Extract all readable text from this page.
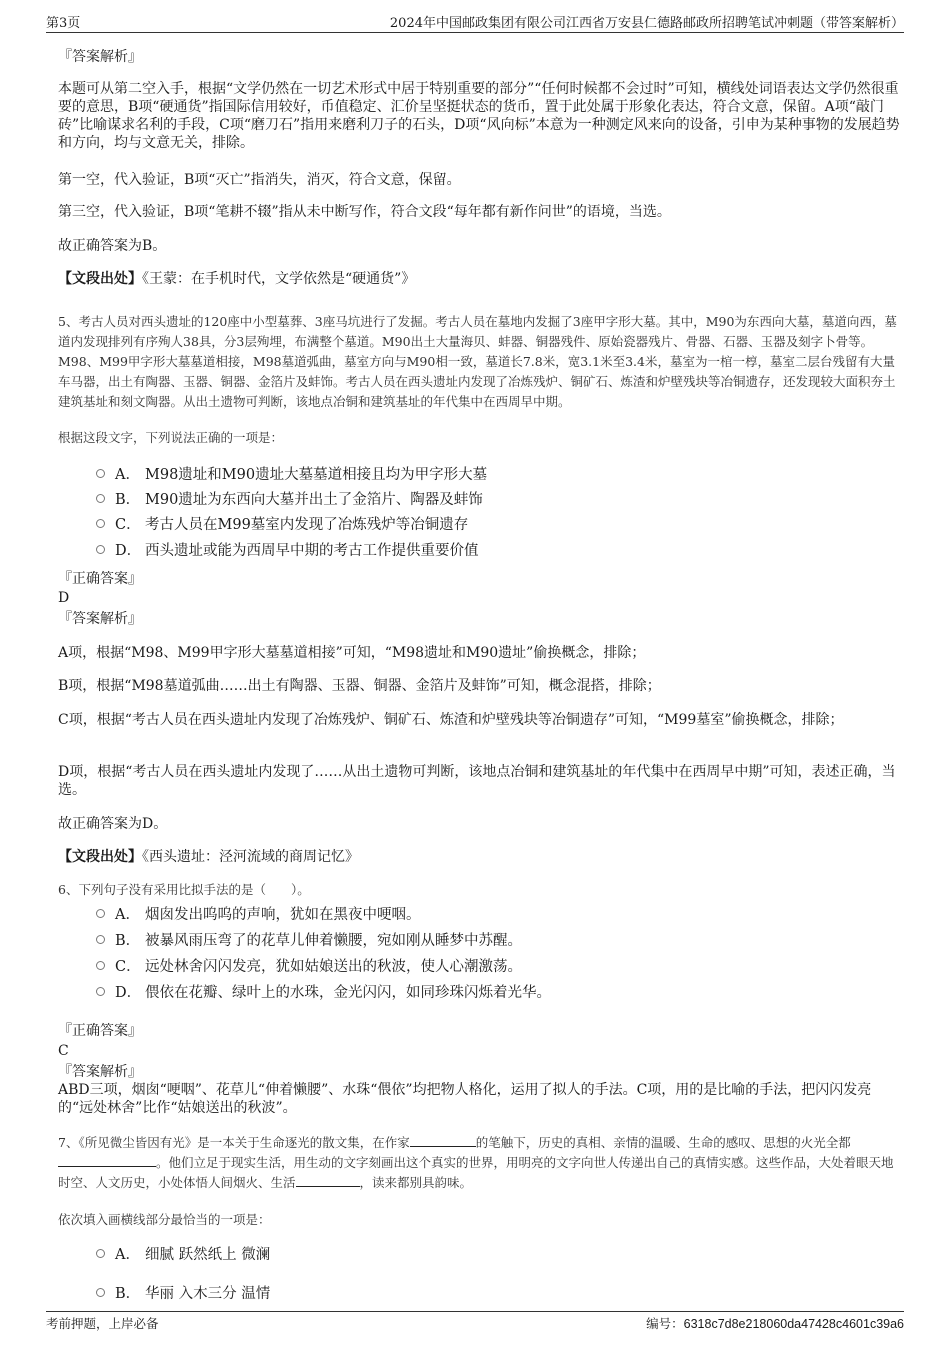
第3页	2024年中国邮政集团有限公司江西省万安县仁德路邮政所招聘笔试冲刺题（带答案解析）

『答案解析』

本题可从第二空入手，根据“文学仍然在一切艺术形式中居于特别重要的部分”“任何时候都不会过时”可知，横线处词语表达文学仍然很重要的意思，B项“硬通货”指国际信用较好，币值稳定、汇价呈坚挺状态的货币，置于此处属于形象化表达，符合文意，保留。A项“敲门砖”比喻谋求名利的手段，C项“磨刀石”指用来磨利刀子的石头，D项“风向标”本意为一种测定风来向的设备，引申为某种事物的发展趋势和方向，均与文意无关，排除。

第一空，代入验证，B项“灭亡”指消失，消灭，符合文意，保留。

第三空，代入验证，B项“笔耕不辍”指从未中断写作，符合文段“每年都有新作问世”的语境，当选。

故正确答案为B。

【文段出处】《王蒙：在手机时代，文学依然是“硬通货”》

5、考古人员对西头遗址的120座中小型墓葬、3座马坑进行了发掘。考古人员在墓地内发掘了3座甲字形大墓。其中，M90为东西向大墓，墓道向西，墓道内发现排列有序殉人38具，分3层殉埋，布满整个墓道。M90出土大量海贝、蚌器、铜器残件、原始瓷器残片、骨器、石器、玉器及刻字卜骨等。M98、M99甲字形大墓墓道相接，M98墓道弧曲，墓室方向与M90相一致，墓道长7.8米，宽3.1米至3.4米，墓室为一棺一椁，墓室二层台残留有大量车马器，出土有陶器、玉器、铜器、金箔片及蚌饰。考古人员在西头遗址内发现了冶炼残炉、铜矿石、炼渣和炉壁残块等冶铜遗存，还发现较大面积夯土建筑基址和刻文陶器。从出土遗物可判断，该地点冶铜和建筑基址的年代集中在西周早中期。

根据这段文字，下列说法正确的一项是：

A． M98遗址和M90遗址大墓墓道相接且均为甲字形大墓
B． M90遗址为东西向大墓并出土了金箔片、陶器及蚌饰
C． 考古人员在M99墓室内发现了冶炼残炉等冶铜遗存
D． 西头遗址或能为西周早中期的考古工作提供重要价值

『正确答案』

D

『答案解析』

A项，根据“M98、M99甲字形大墓墓道相接”可知，“M98遗址和M90遗址”偷换概念，排除；

B项，根据“M98墓道弧曲……出土有陶器、玉器、铜器、金箔片及蚌饰”可知，概念混搭，排除；

C项，根据“考古人员在西头遗址内发现了冶炼残炉、铜矿石、炼渣和炉壁残块等冶铜遗存”可知，“M99墓室”偷换概念，排除；

D项，根据“考古人员在西头遗址内发现了……从出土遗物可判断，该地点冶铜和建筑基址的年代集中在西周早中期”可知，表述正确，当选。

故正确答案为D。

【文段出处】《西头遗址：泾河流域的商周记忆》

6、下列句子没有采用比拟手法的是（　　）。

A． 烟囱发出呜呜的声响，犹如在黑夜中哽咽。
B． 被暴风雨压弯了的花草儿伸着懒腰，宛如刚从睡梦中苏醒。
C． 远处林舍闪闪发亮，犹如姑娘送出的秋波，使人心潮激荡。
D． 偎依在花瓣、绿叶上的水珠，金光闪闪，如同珍珠闪烁着光华。

『正确答案』

C

『答案解析』

ABD三项，烟囱“哽咽”、花草儿“伸着懒腰”、水珠“偎依”均把物人格化，运用了拟人的手法。C项，用的是比喻的手法，把闪闪发亮的“远处林舍”比作“姑娘送出的秋波”。

7、《所见微尘皆因有光》是一本关于生命逐光的散文集，在作家	的笔触下，历史的真相、亲情的温暖、生命的感叹、思想的火光全都。他们立足于现实生活，用生动的文字刻画出这个真实的世界，用明亮的文字向世人传递出自己的真情实感。这些作品，大处着眼天地时空、人文历史，小处体悟人间烟火、生活	，读来都别具韵味。

依次填入画横线部分最恰当的一项是：

A． 细腻 跃然纸上 微澜
B． 华丽 入木三分 温情
考前押题，上岸必备	编号：6318c7d8e218060da47428c4601c39a6
